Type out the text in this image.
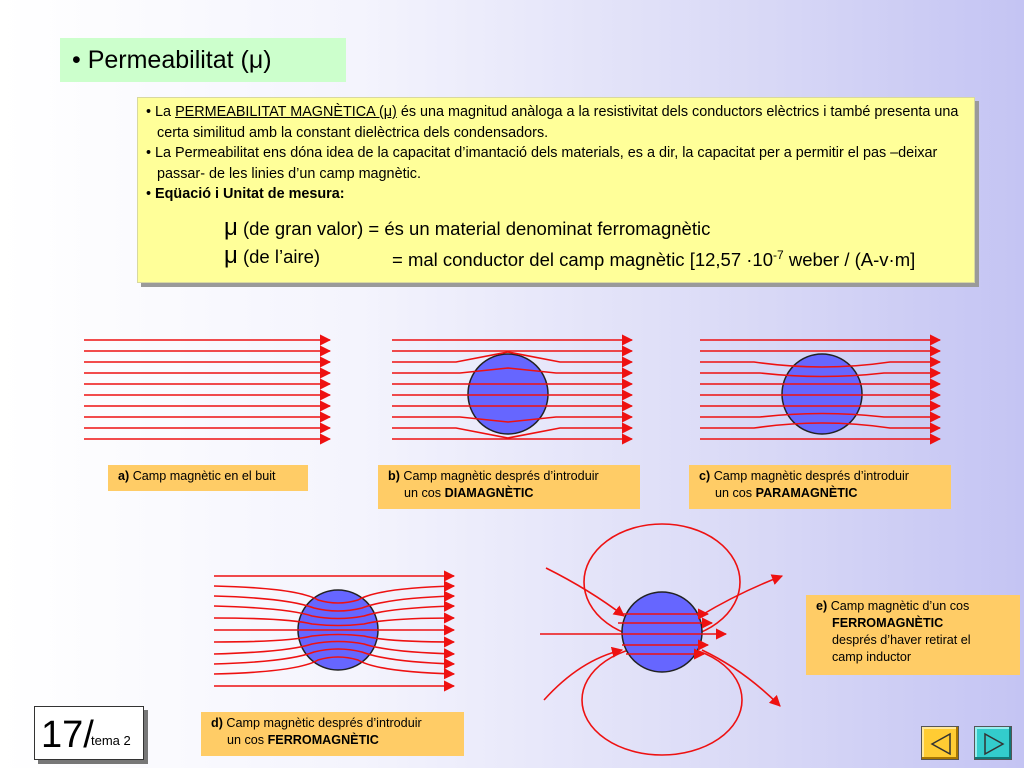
• Permeabilitat (μ)

• La PERMEABILITAT MAGNÈTICA (μ) és una magnitud anàloga a la resistivitat dels conductors elèctrics i també presenta una certa similitud amb la constant dielèctrica dels condensadors.

• La Permeabilitat ens dóna idea de la capacitat d’imantació dels materials, es a dir, la capacitat per a permitir el pas –deixar passar- de les linies d’un camp magnètic.

• Eqüació i Unitat de mesura:

μ (de gran valor) = és un material denominat ferromagnètic
μ (de l’aire)	= mal conductor del camp magnètic [$12,57 \cdot 10^{-7}$ weber / (A-v·m]
a) Camp magnètic en el buit	b) Camp magnètic després d’introduir
un cos DIAMAGNÈTIC
c) Camp magnètic després d’introduir
un cos PARAMAGNÈTIC
d) Camp magnètic després d’introduir
un cos FERROMAGNÈTIC
e) Camp magnètic d’un cos
FERROMAGNÈTIC
després d’haver retirat el
camp inductor
17/
tema 2
